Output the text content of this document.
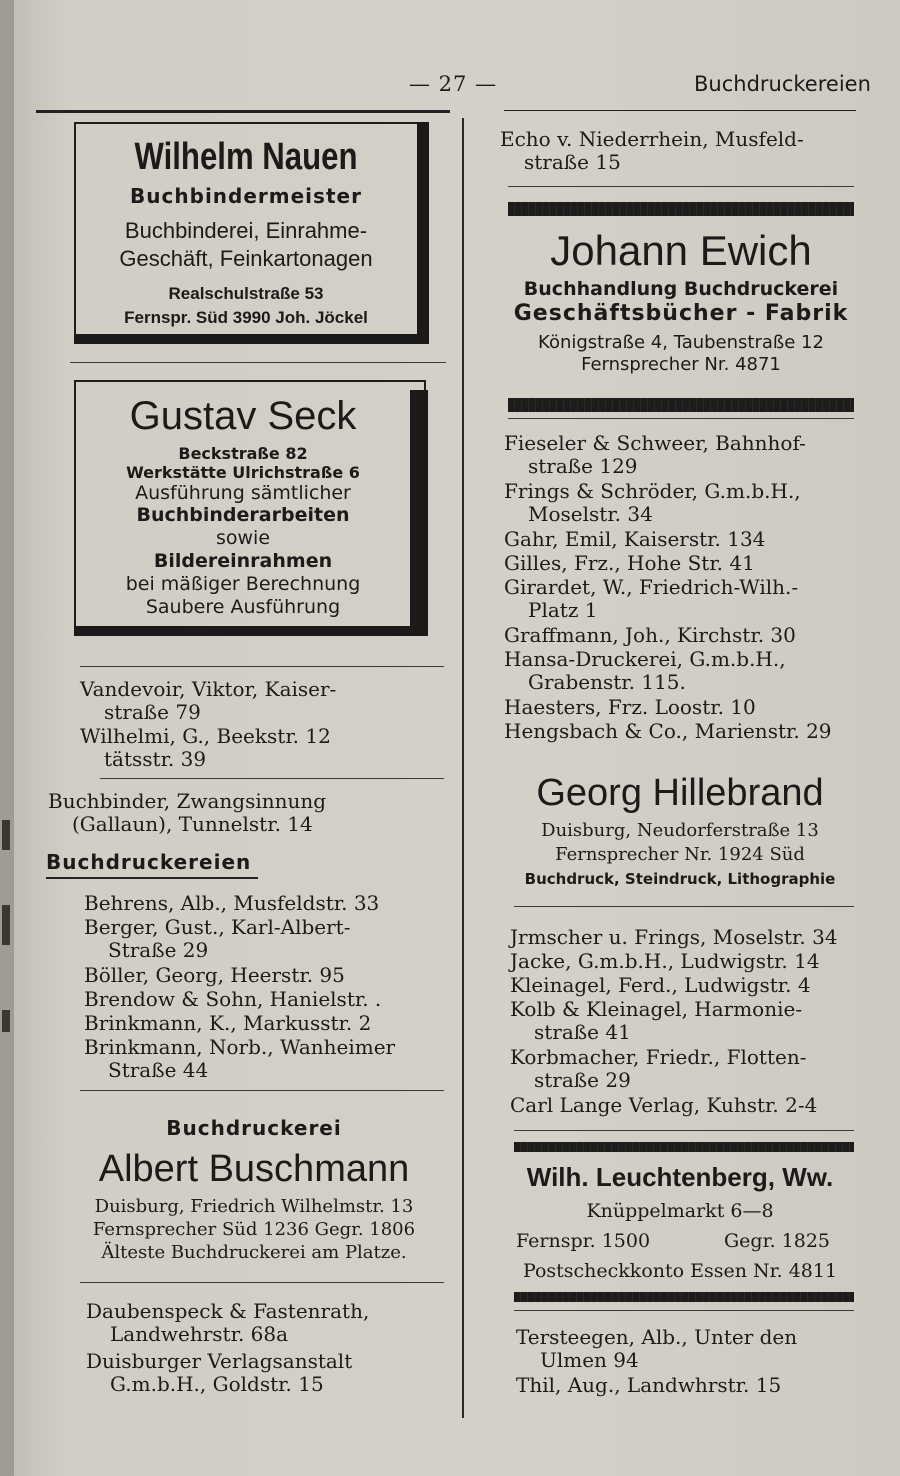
— 27 —	Buchdruckereien
Wilhelm Nauen
Buchbindermeister
Buchbinderei, Einrahme-
Geschäft, Feinkartonagen
Realschulstraße 53
Fernspr. Süd 3990 Joh. Jöckel
Gustav Seck
Beckstraße 82
Werkstätte Ulrichstraße 6
Ausführung sämtlicher
Buchbinderarbeiten
sowie
Bildereinrahmen
bei mäßiger Berechnung
Saubere Ausführung
Vandevoir, Viktor, Kaiser-
straße 79
Wilhelmi, G., Beekstr. 12
tätsstr. 39
Buchbinder, Zwangsinnung
(Gallaun), Tunnelstr. 14
Buchdruckereien
Behrens, Alb., Musfeldstr. 33
Berger, Gust., Karl-Albert-
Straße 29
Böller, Georg, Heerstr. 95
Brendow & Sohn, Hanielstr. .
Brinkmann, K., Markusstr. 2
Brinkmann, Norb., Wanheimer
Straße 44
Buchdruckerei
Albert Buschmann
Duisburg, Friedrich Wilhelmstr. 13
Fernsprecher Süd 1236 Gegr. 1806
Älteste Buchdruckerei am Platze.
Daubenspeck & Fastenrath,
Landwehrstr. 68a
Duisburger Verlagsanstalt
G.m.b.H., Goldstr. 15
Echo v. Niederrhein, Musfeld-
straße 15
Johann Ewich
Buchhandlung Buchdruckerei
Geschäftsbücher - Fabrik
Königstraße 4, Taubenstraße 12
Fernsprecher Nr. 4871
Fieseler & Schweer, Bahnhof-
straße 129
Frings & Schröder, G.m.b.H.,
Moselstr. 34
Gahr, Emil, Kaiserstr. 134
Gilles, Frz., Hohe Str. 41
Girardet, W., Friedrich-Wilh.-
Platz 1
Graffmann, Joh., Kirchstr. 30
Hansa-Druckerei, G.m.b.H.,
Grabenstr. 115.
Haesters, Frz. Loostr. 10
Hengsbach & Co., Marienstr. 29
Georg Hillebrand
Duisburg, Neudorferstraße 13
Fernsprecher Nr. 1924 Süd
Buchdruck, Steindruck, Lithographie
Jrmscher u. Frings, Moselstr. 34
Jacke, G.m.b.H., Ludwigstr. 14
Kleinagel, Ferd., Ludwigstr. 4
Kolb & Kleinagel, Harmonie-
straße 41
Korbmacher, Friedr., Flotten-
straße 29
Carl Lange Verlag, Kuhstr. 2-4
Wilh. Leuchtenberg, Ww.
Knüppelmarkt 6—8
Fernspr. 1500	Gegr. 1825
Postscheckkonto Essen Nr. 4811
Tersteegen, Alb., Unter den
Ulmen 94
Thil, Aug., Landwhrstr. 15
